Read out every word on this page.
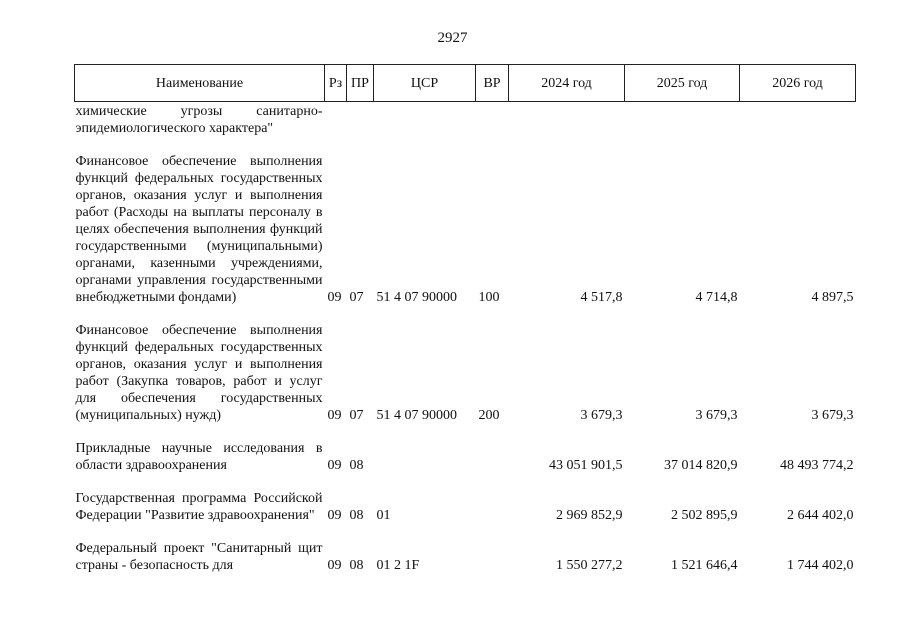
2927
Наименование	Рз	ПР	ЦСР	ВР	2024 год	2025 год	2026 год
химические угрозы санитарно-эпидемиологического характера"							
Финансовое обеспечение выполнения функций федеральных государственных органов, оказания услуг и выполнения работ (Расходы на выплаты персоналу в целях обеспечения выполнения функций государственными (муниципальными) органами, казенными учреждениями, органами управления государственными внебюджетными фондами)	09	07	51 4 07 90000	100	4 517,8	4 714,8	4 897,5
Финансовое обеспечение выполнения функций федеральных государственных органов, оказания услуг и выполнения работ (Закупка товаров, работ и услуг для обеспечения государственных (муниципальных) нужд)	09	07	51 4 07 90000	200	3 679,3	3 679,3	3 679,3
Прикладные научные исследования в области здравоохранения	09	08			43 051 901,5	37 014 820,9	48 493 774,2
Государственная программа Российской Федерации "Развитие здравоохранения"	09	08	01		2 969 852,9	2 502 895,9	2 644 402,0
Федеральный проект "Санитарный щит страны - безопасность для	09	08	01 2 1F		1 550 277,2	1 521 646,4	1 744 402,0
